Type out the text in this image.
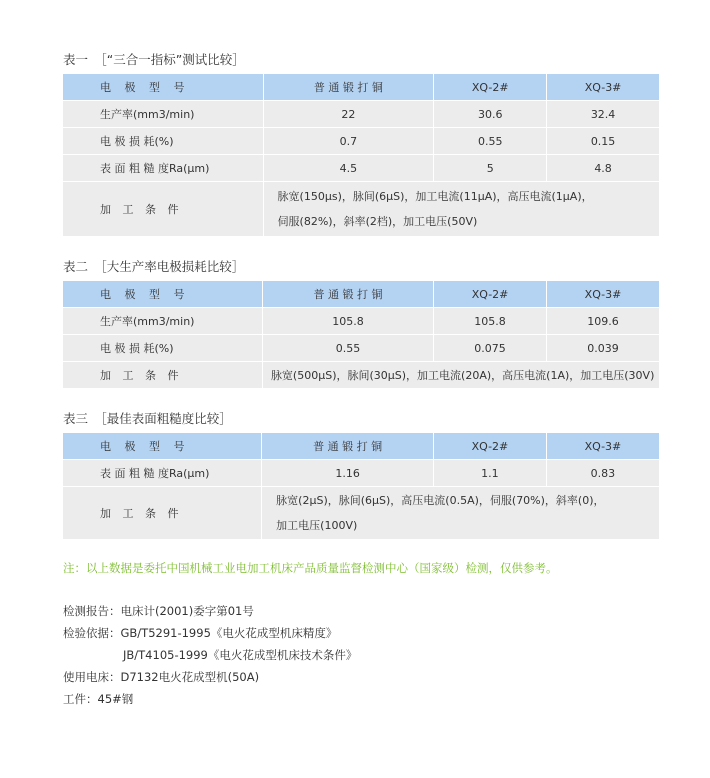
表一　［“三合一指标”测试比较］
电 极 型 号	普 通 锻 打 铜	XQ-2#	XQ-3#
生产率(mm3/min)	22	30.6	32.4
电 极 损 耗(%)	0.7	0.55	0.15
表 面 粗 糙 度Ra(μm)	4.5	5	4.8
加 工 条 件	脉宽(150μs)，脉间(6μS)，加工电流(11μA)，高压电流(1μA)，
伺服(82%)，斜率(2档)，加工电压(50V)		
表二　［大生产率电极损耗比较］
电 极 型 号	普 通 锻 打 铜	XQ-2#	XQ-3#
生产率(mm3/min)	105.8	105.8	109.6
电 极 损 耗(%)	0.55	0.075	0.039
加 工 条 件	脉宽(500μS)，脉间(30μS)，加工电流(20A)，高压电流(1A)，加工电压(30V)		
表三　［最佳表面粗糙度比较］
电 极 型 号	普 通 锻 打 铜	XQ-2#	XQ-3#
表 面 粗 糙 度Ra(μm)	1.16	1.1	0.83
加 工 条 件	脉宽(2μS)，脉间(6μS)，高压电流(0.5A)，伺服(70%)，斜率(0)，
加工电压(100V)		
注：以上数据是委托中国机械工业电加工机床产品质量监督检测中心（国家级）检测，仅供参考。
检测报告：电床计(2001)委字第01号
检验依据：GB/T5291-1995《电火花成型机床精度》
JB/T4105-1999《电火花成型机床技术条件》
使用电床：D7132电火花成型机(50A)
工件：45#钢
